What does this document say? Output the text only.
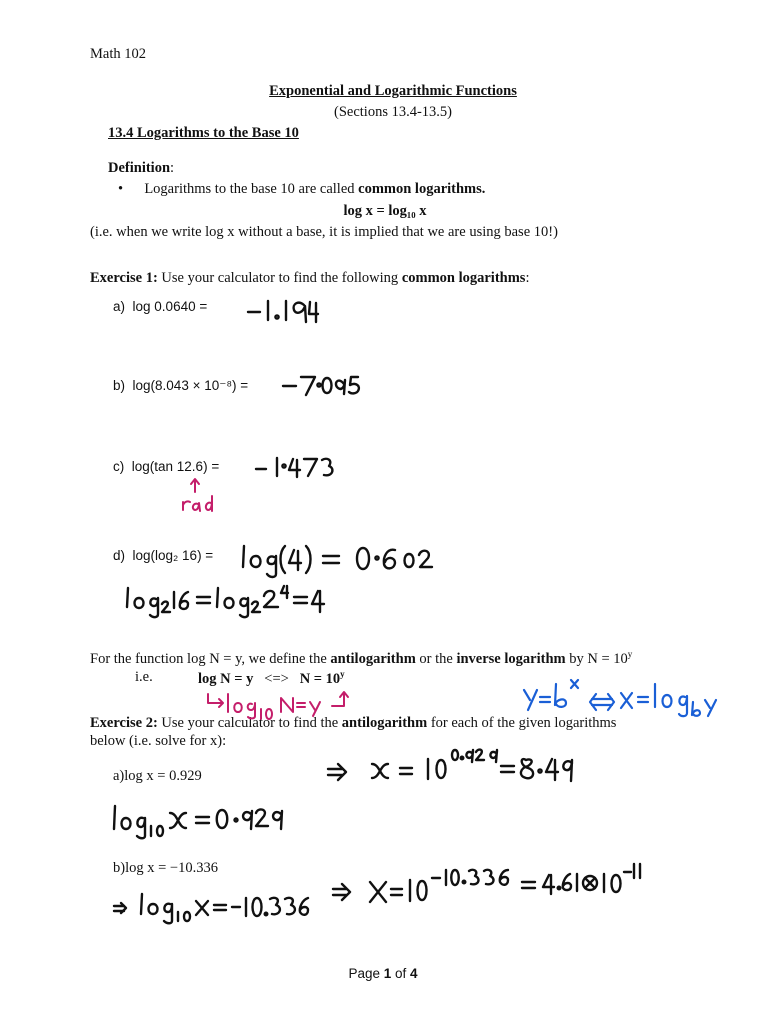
Math 102
Exponential and Logarithmic Functions
(Sections 13.4-13.5)
13.4 Logarithms to the Base 10
Definition:
• Logarithms to the base 10 are called common logarithms.
log x = log₁₀ x
(i.e. when we write log x without a base, it is implied that we are using base 10!)
Exercise 1: Use your calculator to find the following common logarithms:
a) log 0.0640 =
b) log(8.043 × 10⁻⁸) =
c) log(tan 12.6) =
d) log(log₂ 16) =
For the function log N = y, we define the antilogarithm or the inverse logarithm by $N = 10^y$
i.e.	log N = y <=> $N = 10^y$
Exercise 2: Use your calculator to find the antilogarithm for each of the given logarithms
below (i.e. solve for x):
a)log x = 0.929
b)log x = −10.336
Page 1 of 4
